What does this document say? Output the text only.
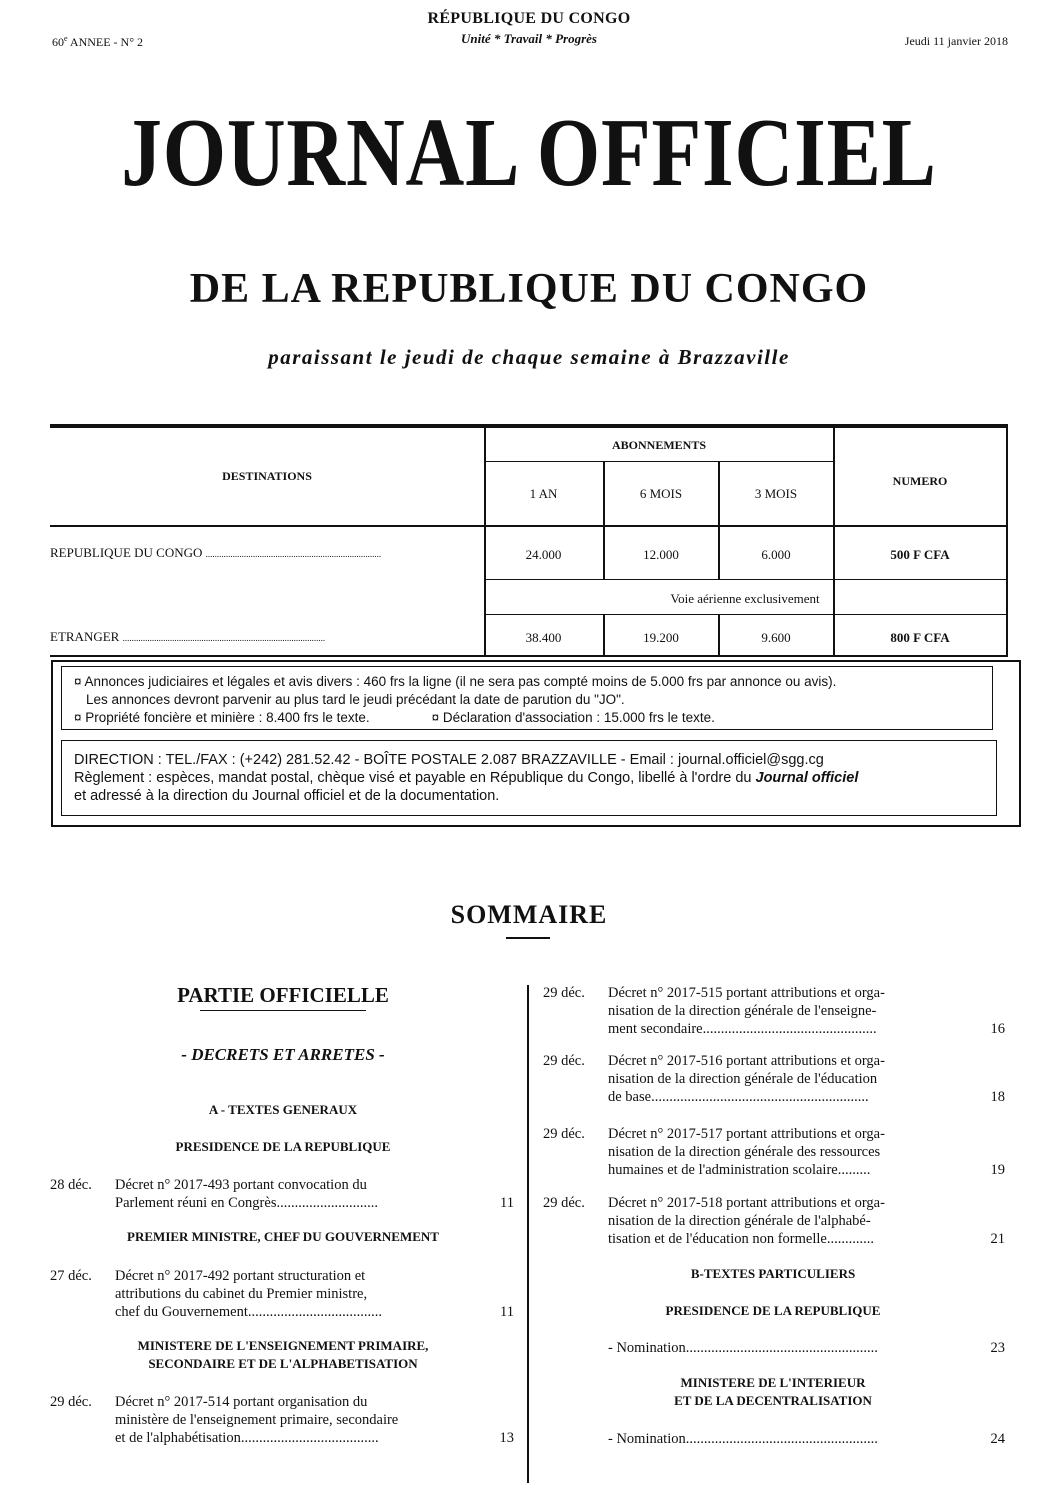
RÉPUBLIQUE DU CONGO
Unité * Travail * Progrès
60e ANNEE - N° 2	Jeudi 11 janvier 2018
JOURNAL OFFICIEL
DE LA REPUBLIQUE DU CONGO
paraissant le jeudi de chaque semaine à Brazzaville
DESTINATIONS
ABONNEMENTS
NUMERO
1 AN	6 MOIS	3 MOIS
REPUBLIQUE DU CONGO ..............................................................................	24.000	12.000	6.000	500 F CFA
Voie aérienne exclusivement
ETRANGER ..........................................................................................	38.400	19.200	9.600	800 F CFA
¤ Annonces judiciaires et légales et avis divers : 460 frs la ligne (il ne sera pas compté moins de 5.000 frs par annonce ou avis).
Les annonces devront parvenir au plus tard le jeudi précédant la date de parution du "JO".
¤ Propriété foncière et minière : 8.400 frs le texte.	¤ Déclaration d'association : 15.000 frs le texte.
DIRECTION : TEL./FAX : (+242) 281.52.42 - BOÎTE POSTALE 2.087 BRAZZAVILLE - Email : journal.officiel@sgg.cg
Règlement : espèces, mandat postal, chèque visé et payable en République du Congo, libellé à l'ordre du Journal officiel
et adressé à la direction du Journal officiel et de la documentation.
SOMMAIRE
PARTIE OFFICIELLE
- DECRETS ET ARRETES -
A - TEXTES GENERAUX
PRESIDENCE DE LA REPUBLIQUE
28 déc. Décret n° 2017-493 portant convocation du
Parlement réuni en Congrès............................	11
PREMIER MINISTRE, CHEF DU GOUVERNEMENT
27 déc. Décret n° 2017-492 portant structuration et
attributions du cabinet du Premier ministre,
chef du Gouvernement.....................................	11
MINISTERE DE L'ENSEIGNEMENT PRIMAIRE,
SECONDAIRE ET DE L'ALPHABETISATION
29 déc. Décret n° 2017-514 portant organisation du
ministère de l'enseignement primaire, secondaire
et de l'alphabétisation......................................	13
29 déc. Décret n° 2017-515 portant attributions et orga-
nisation de la direction générale de l'enseigne-
ment secondaire................................................	16
29 déc. Décret n° 2017-516 portant attributions et orga-
nisation de la direction générale de l'éducation
de base............................................................	18
29 déc. Décret n° 2017-517 portant attributions et orga-
nisation de la direction générale des ressources
humaines et de l'administration scolaire.........	19
29 déc. Décret n° 2017-518 portant attributions et orga-
nisation de la direction générale de l'alphabé-
tisation et de l'éducation non formelle.............	21
B-TEXTES PARTICULIERS
PRESIDENCE DE LA REPUBLIQUE
- Nomination.....................................................	23
MINISTERE DE L'INTERIEUR
ET DE LA DECENTRALISATION
- Nomination.....................................................	24
